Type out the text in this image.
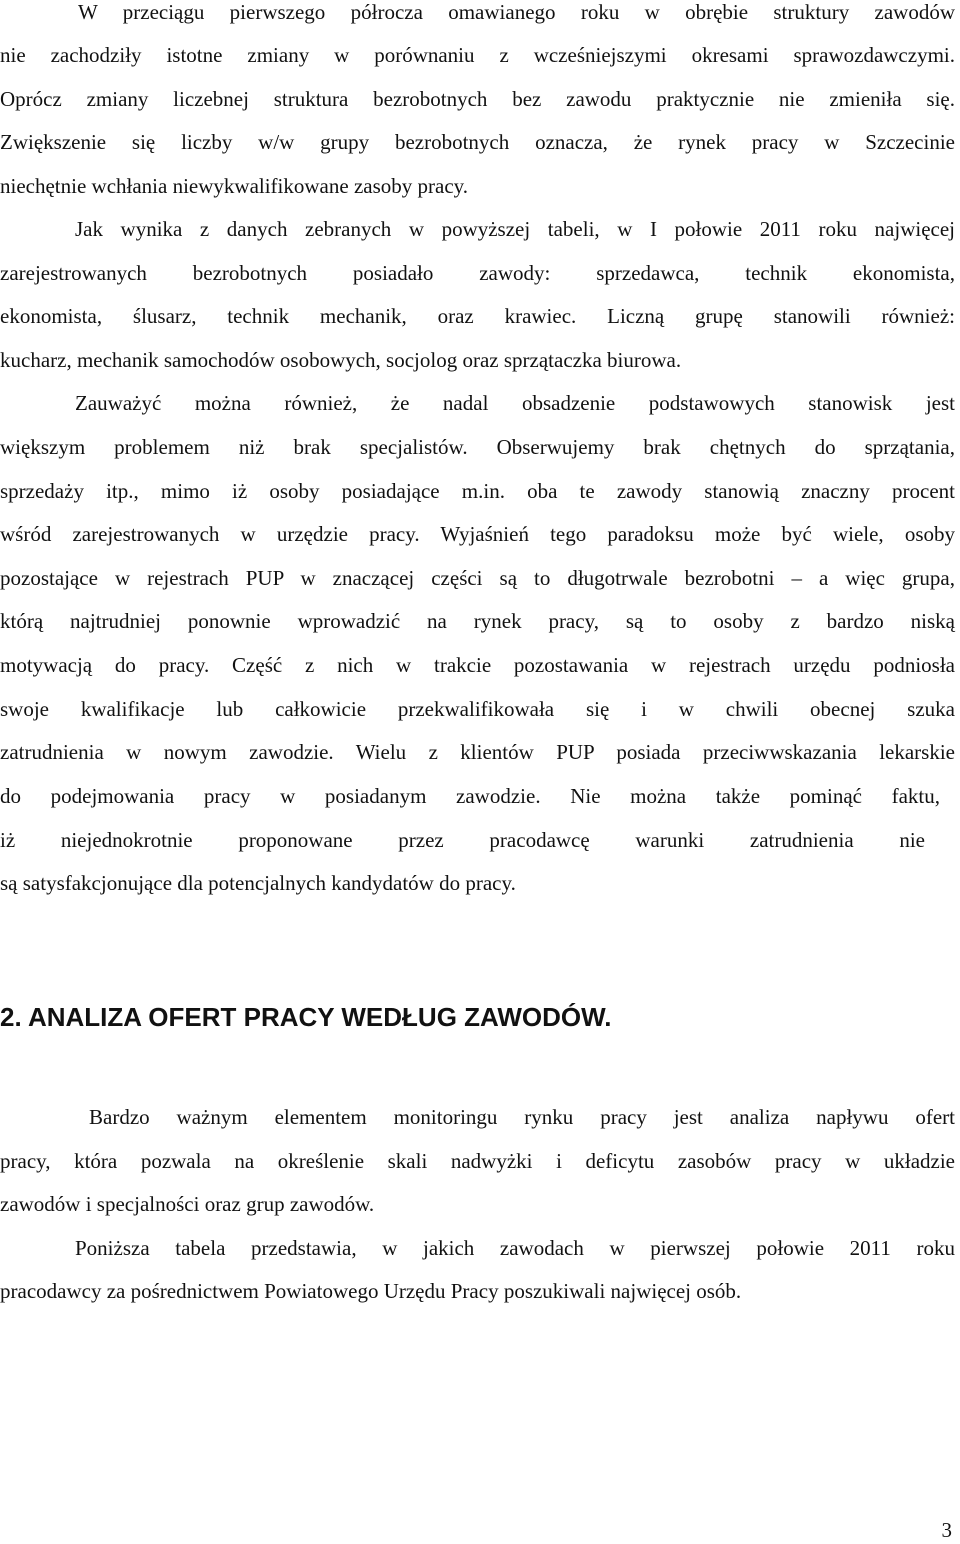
W przeciągu pierwszego półrocza omawianego roku w obrębie struktury zawodów
nie zachodziły istotne zmiany w porównaniu z wcześniejszymi okresami sprawozdawczymi.
Oprócz zmiany liczebnej struktura bezrobotnych bez zawodu praktycznie nie zmieniła się.
Zwiększenie się liczby w/w grupy bezrobotnych oznacza, że rynek pracy w Szczecinie
niechętnie wchłania niewykwalifikowane zasoby pracy.
Jak wynika z danych zebranych w powyższej tabeli, w I połowie 2011 roku najwięcej
zarejestrowanych bezrobotnych posiadało zawody: sprzedawca, technik ekonomista,
ekonomista, ślusarz, technik mechanik, oraz krawiec. Liczną grupę stanowili również:
kucharz, mechanik samochodów osobowych, socjolog oraz sprzątaczka biurowa.
Zauważyć można również, że nadal obsadzenie podstawowych stanowisk jest
większym problemem niż brak specjalistów. Obserwujemy brak chętnych do sprzątania,
sprzedaży itp., mimo iż osoby posiadające m.in. oba te zawody stanowią znaczny procent
wśród zarejestrowanych w urzędzie pracy. Wyjaśnień tego paradoksu może być wiele, osoby
pozostające w rejestrach PUP w znaczącej części są to długotrwale bezrobotni – a więc grupa,
którą najtrudniej ponownie wprowadzić na rynek pracy, są to osoby z bardzo niską
motywacją do pracy. Część z nich w trakcie pozostawania w rejestrach urzędu podniosła
swoje kwalifikacje lub całkowicie przekwalifikowała się i w chwili obecnej szuka
zatrudnienia w nowym zawodzie. Wielu z klientów PUP posiada przeciwwskazania lekarskie
do podejmowania pracy w posiadanym zawodzie. Nie można także pominąć faktu,
iż niejednokrotnie proponowane przez pracodawcę warunki zatrudnienia nie
są satysfakcjonujące dla potencjalnych kandydatów do pracy.
2. ANALIZA OFERT PRACY WEDŁUG ZAWODÓW.
Bardzo ważnym elementem monitoringu rynku pracy jest analiza napływu ofert
pracy, która pozwala na określenie skali nadwyżki i deficytu zasobów pracy w układzie
zawodów i specjalności oraz grup zawodów.
Poniższa tabela przedstawia, w jakich zawodach w pierwszej połowie 2011 roku
pracodawcy za pośrednictwem Powiatowego Urzędu Pracy poszukiwali najwięcej osób.
3
